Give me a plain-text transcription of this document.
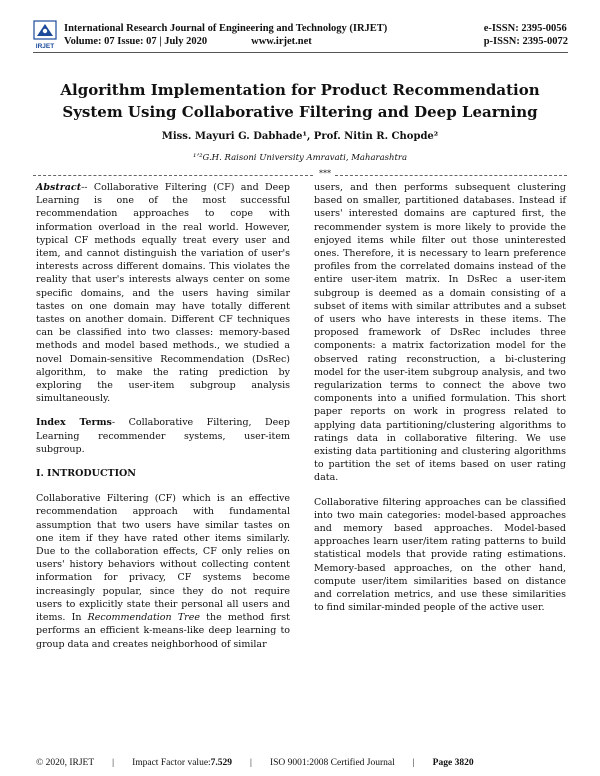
IRJET
International Research Journal of Engineering and Technology (IRJET)
Volume: 07 Issue: 07 | July 2020	www.irjet.net
e-ISSN: 2395-0056
p-ISSN: 2395-0072
Algorithm Implementation for Product Recommendation System Using Collaborative Filtering and Deep Learning
Miss. Mayuri G. Dabhade¹, Prof. Nitin R. Chopde²
¹ʼ²G.H. Raisoni University Amravati, Maharashtra
***

Abstract-- Collaborative Filtering (CF) and Deep Learning is one of the most successful recommendation approaches to cope with information overload in the real world. However, typical CF methods equally treat every user and item, and cannot distinguish the variation of user's interests across different domains. This violates the reality that user's interests always center on some specific domains, and the users having similar tastes on one domain may have totally different tastes on another domain. Different CF techniques can be classified into two classes: memory-based methods and model based methods., we studied a novel Domain-sensitive Recommendation (DsRec) algorithm, to make the rating prediction by exploring the user-item subgroup analysis simultaneously.

Index Terms- Collaborative Filtering, Deep Learning recommender systems, user-item subgroup.

I. INTRODUCTION

Collaborative Filtering (CF) which is an effective recommendation approach with fundamental assumption that two users have similar tastes on one item if they have rated other items similarly. Due to the collaboration effects, CF only relies on users' history behaviors without collecting content information for privacy, CF systems become increasingly popular, since they do not require users to explicitly state their personal all users and items. In Recommendation Tree the method first performs an efficient k-means-like deep learning to group data and creates neighborhood of similar

users, and then performs subsequent clustering based on smaller, partitioned databases. Instead if users' interested domains are captured first, the recommender system is more likely to provide the enjoyed items while filter out those uninterested ones. Therefore, it is necessary to learn preference profiles from the correlated domains instead of the entire user-item matrix. In DsRec a user-item subgroup is deemed as a domain consisting of a subset of items with similar attributes and a subset of users who have interests in these items. The proposed framework of DsRec includes three components: a matrix factorization model for the observed rating reconstruction, a bi-clustering model for the user-item subgroup analysis, and two regularization terms to connect the above two components into a unified formulation. This short paper reports on work in progress related to applying data partitioning/clustering algorithms to ratings data in collaborative filtering. We use existing data partitioning and clustering algorithms to partition the set of items based on user rating data.

Collaborative filtering approaches can be classified into two main categories: model-based approaches and memory based approaches. Model-based approaches learn user/item rating patterns to build statistical models that provide rating estimations. Memory-based approaches, on the other hand, compute user/item similarities based on distance and correlation metrics, and use these similarities to find similar-minded people of the active user.

© 2020, IRJET | Impact Factor value:7.529 | ISO 9001:2008 Certified Journal | Page 3820
